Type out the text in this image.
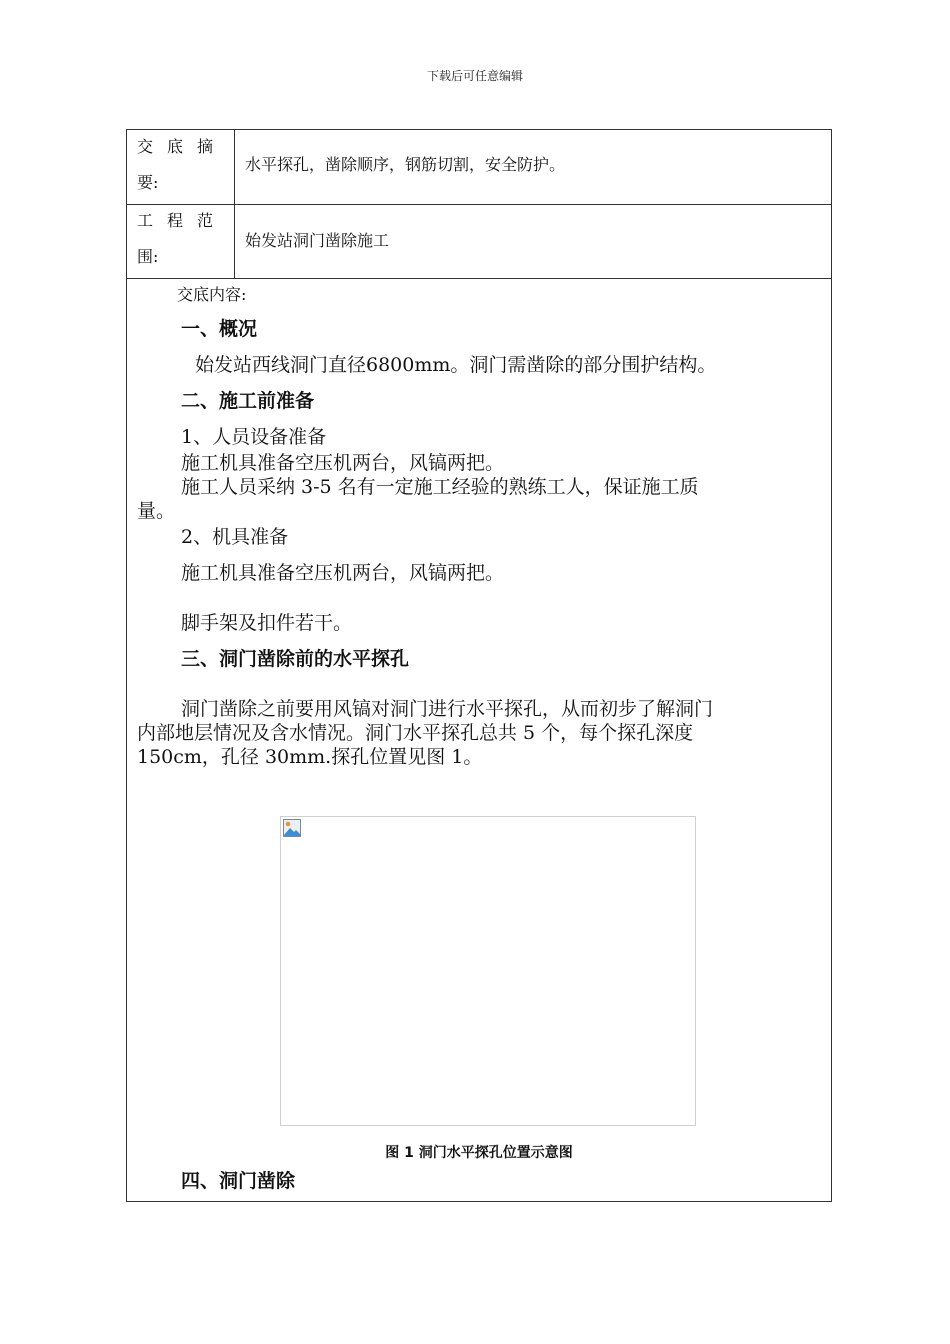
下载后可任意编辑
交 底 摘
要:
水平探孔，凿除顺序，钢筋切割，安全防护。
工 程 范
围:
始发站洞门凿除施工
交底内容:
一、概况
始发站西线洞门直径6800mm。洞门需凿除的部分围护结构。
二、施工前准备
1、人员设备准备
施工机具准备空压机两台，风镐两把。
施工人员采纳 3-5 名有一定施工经验的熟练工人，保证施工质
量。
2、机具准备
施工机具准备空压机两台，风镐两把。
脚手架及扣件若干。
三、洞门凿除前的水平探孔
洞门凿除之前要用风镐对洞门进行水平探孔，从而初步了解洞门
内部地层情况及含水情况。洞门水平探孔总共 5 个，每个探孔深度
150cm，孔径 30mm.探孔位置见图 1。
图 1 洞门水平探孔位置示意图
四、洞门凿除
